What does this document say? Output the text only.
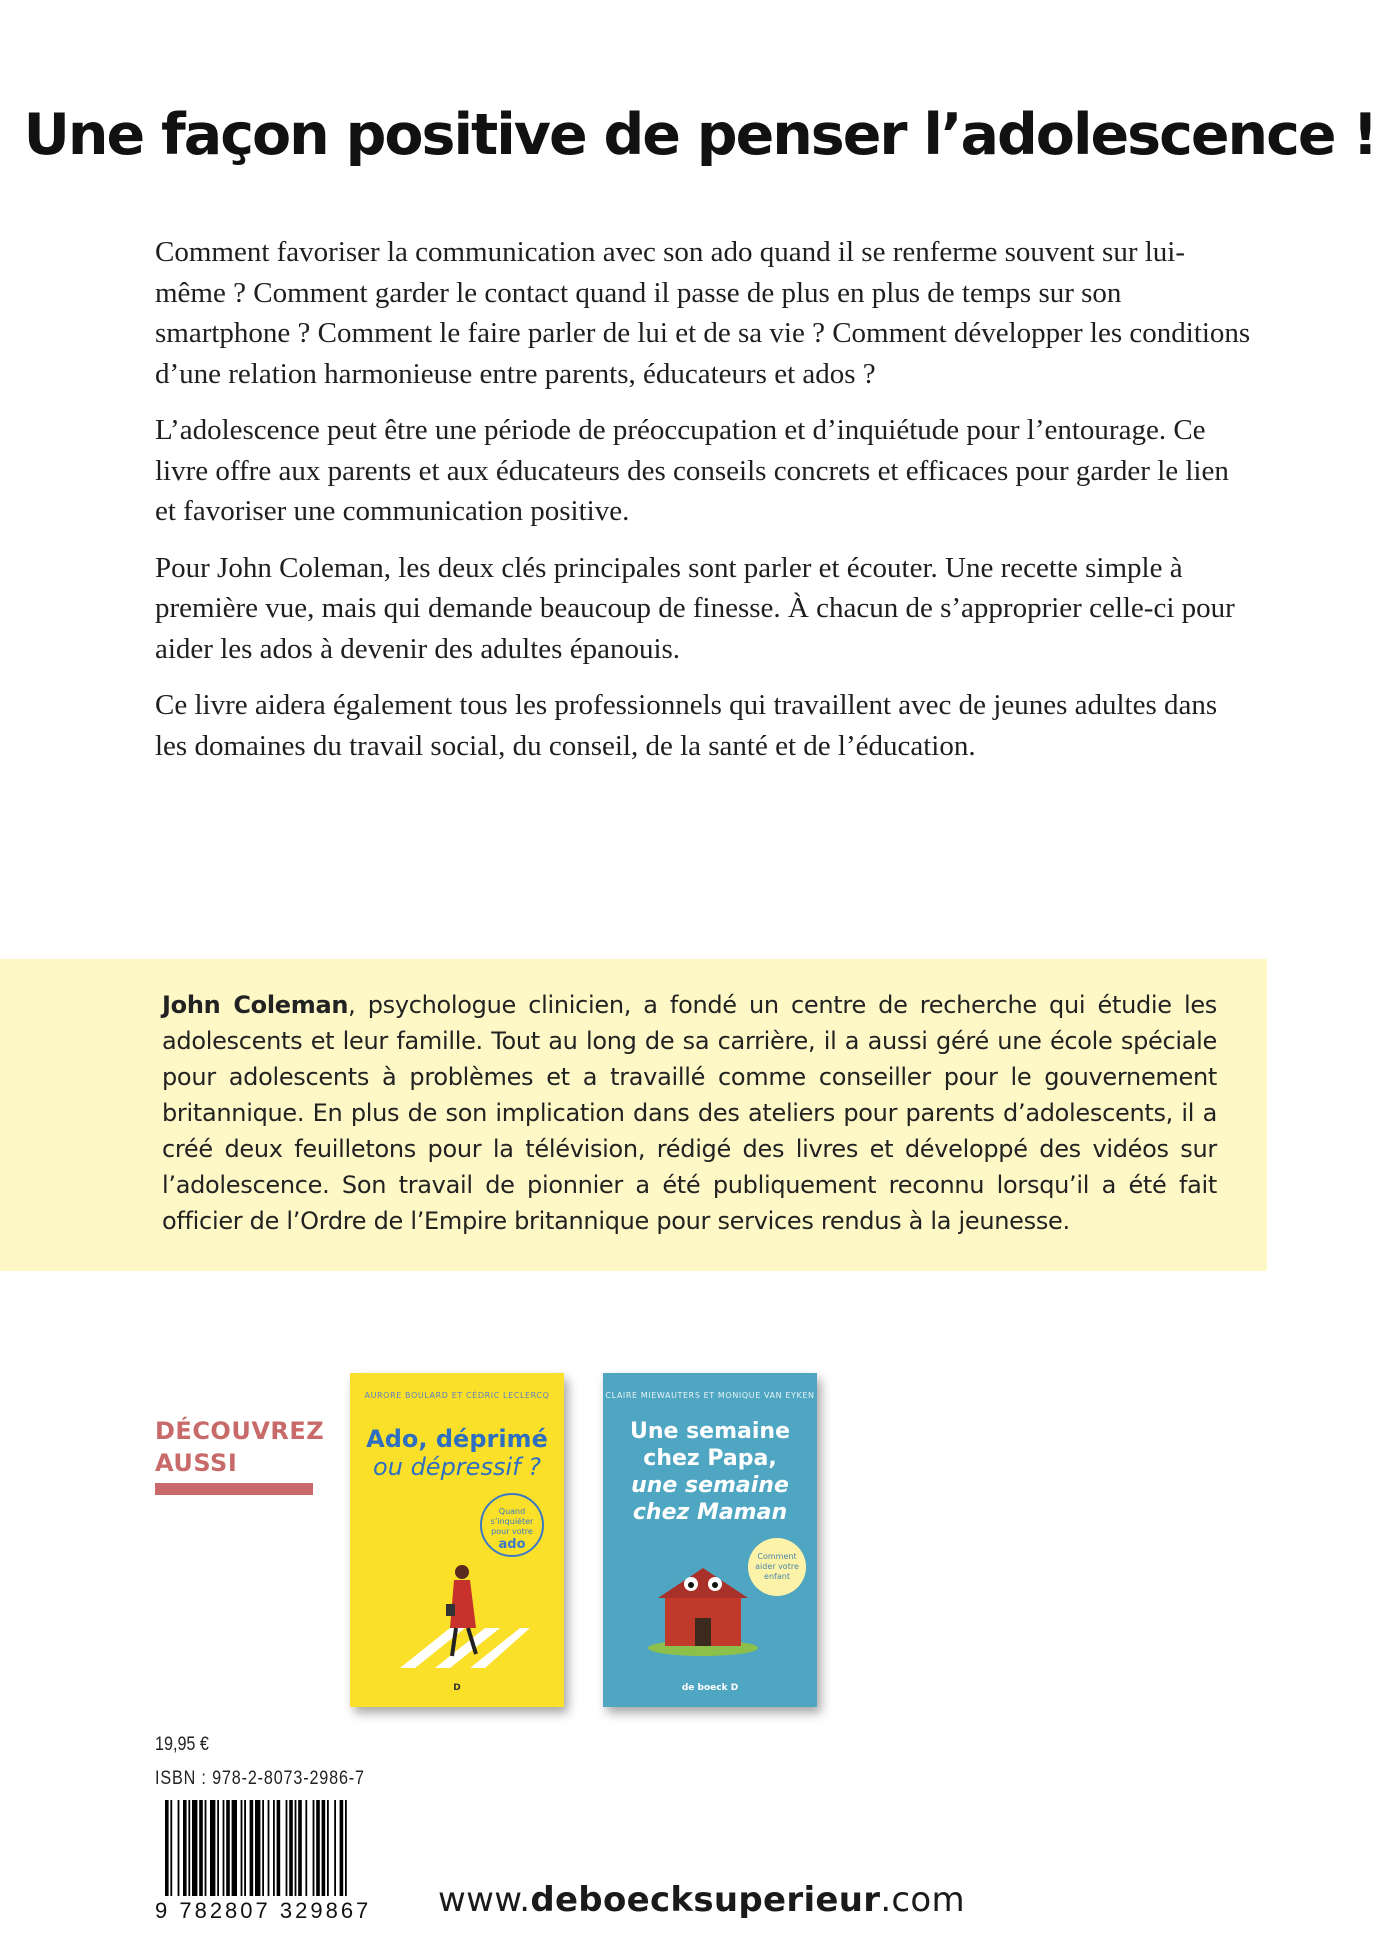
Une façon positive de penser l’adolescence !

Comment favoriser la communication avec son ado quand il se renferme souvent sur lui-même ? Comment garder le contact quand il passe de plus en plus de temps sur son smartphone ? Comment le faire parler de lui et de sa vie ? Comment développer les conditions d’une relation harmonieuse entre parents, éducateurs et ados ?

L’adolescence peut être une période de préoccupation et d’inquiétude pour l’entourage. Ce livre offre aux parents et aux éducateurs des conseils concrets et efficaces pour garder le lien et favoriser une communication positive.

Pour John Coleman, les deux clés principales sont parler et écouter. Une recette simple à première vue, mais qui demande beaucoup de finesse. À chacun de s’approprier celle-ci pour aider les ados à devenir des adultes épanouis.

Ce livre aidera également tous les professionnels qui travaillent avec de jeunes adultes dans les domaines du travail social, du conseil, de la santé et de l’éducation.

John Coleman, psychologue clinicien, a fondé un centre de recherche qui étudie les adolescents et leur famille. Tout au long de sa carrière, il a aussi géré une école spéciale pour adolescents à problèmes et a travaillé comme conseiller pour le gouvernement britannique. En plus de son implication dans des ateliers pour parents d’adolescents, il a créé deux feuilletons pour la télévision, rédigé des livres et développé des vidéos sur l’adolescence. Son travail de pionnier a été publiquement reconnu lorsqu’il a été fait officier de l’Ordre de l’Empire britannique pour services rendus à la jeunesse.

DÉCOUVREZ
AUSSI
AURORE BOULARD ET CÉDRIC LECLERCQ
Ado, déprimé
ou dépressif ?
Quand s’inquiéter pour votre
ado
D
CLAIRE MIEWAUTERS ET MONIQUE VAN EYKEN
Une semaine
chez Papa,
une semaine
chez Maman
Comment aider votre enfant
de boeck D
19,95 €
ISBN : 978-2-8073-2986-7
9 782807 329867 www.deboecksuperieur.com
